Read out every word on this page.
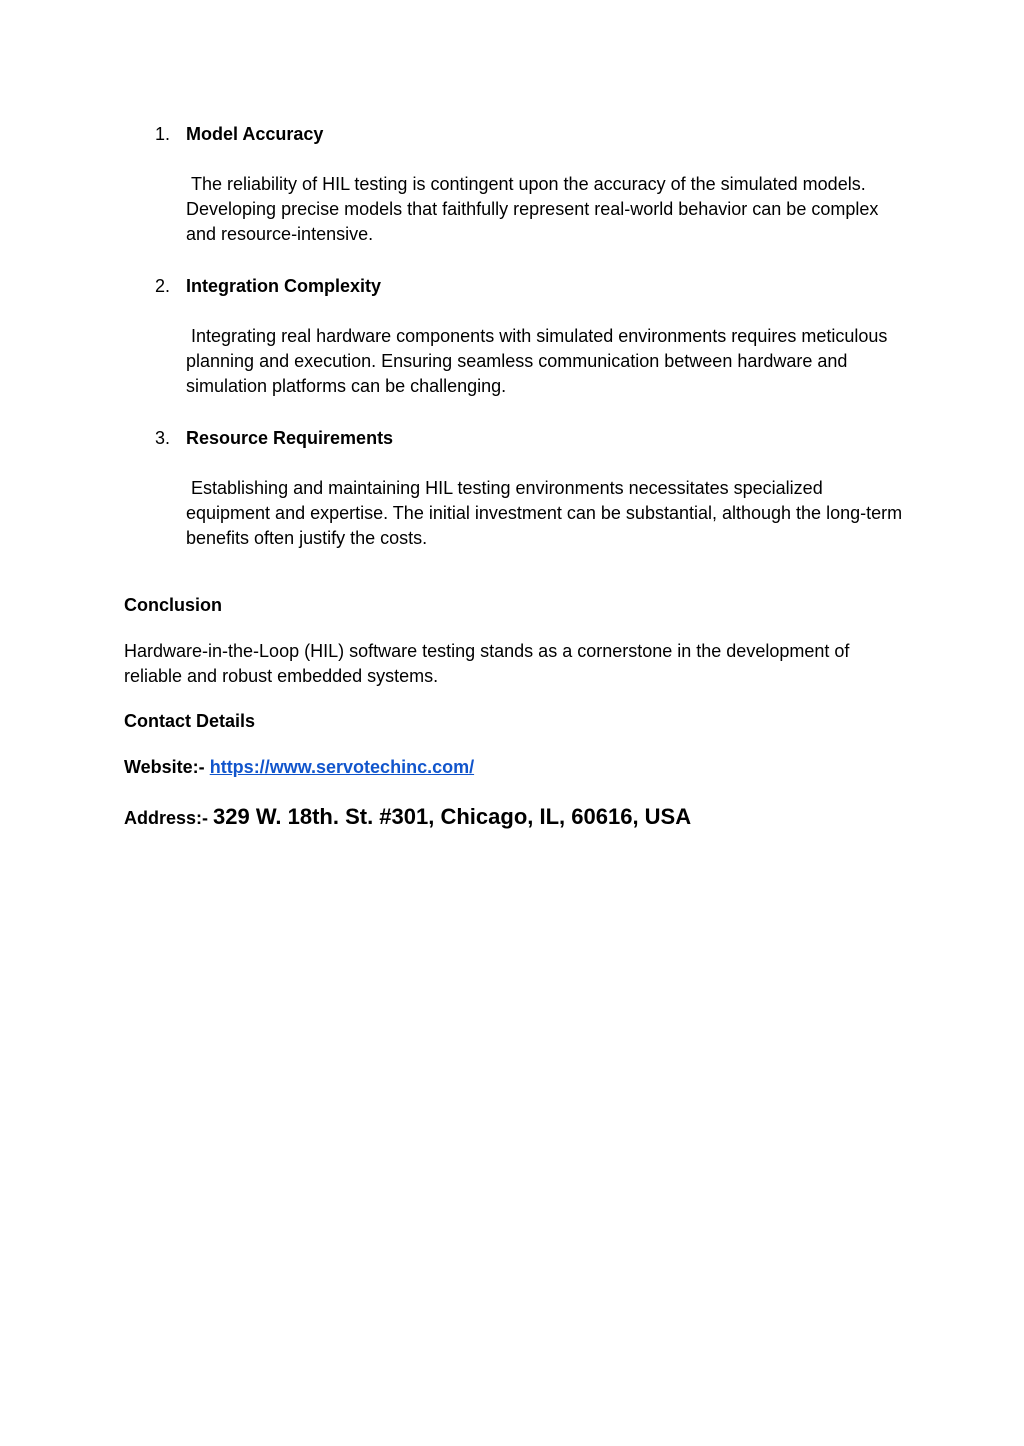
1. Model Accuracy
The reliability of HIL testing is contingent upon the accuracy of the simulated models. Developing precise models that faithfully represent real-world behavior can be complex and resource-intensive.
2. Integration Complexity
Integrating real hardware components with simulated environments requires meticulous planning and execution. Ensuring seamless communication between hardware and simulation platforms can be challenging.
3. Resource Requirements
Establishing and maintaining HIL testing environments necessitates specialized equipment and expertise. The initial investment can be substantial, although the long-term benefits often justify the costs.
Conclusion

Hardware-in-the-Loop (HIL) software testing stands as a cornerstone in the development of reliable and robust embedded systems.

Contact Details
Website:- https://www.servotechinc.com/
Address:- 329 W. 18th. St. #301, Chicago, IL, 60616, USA
